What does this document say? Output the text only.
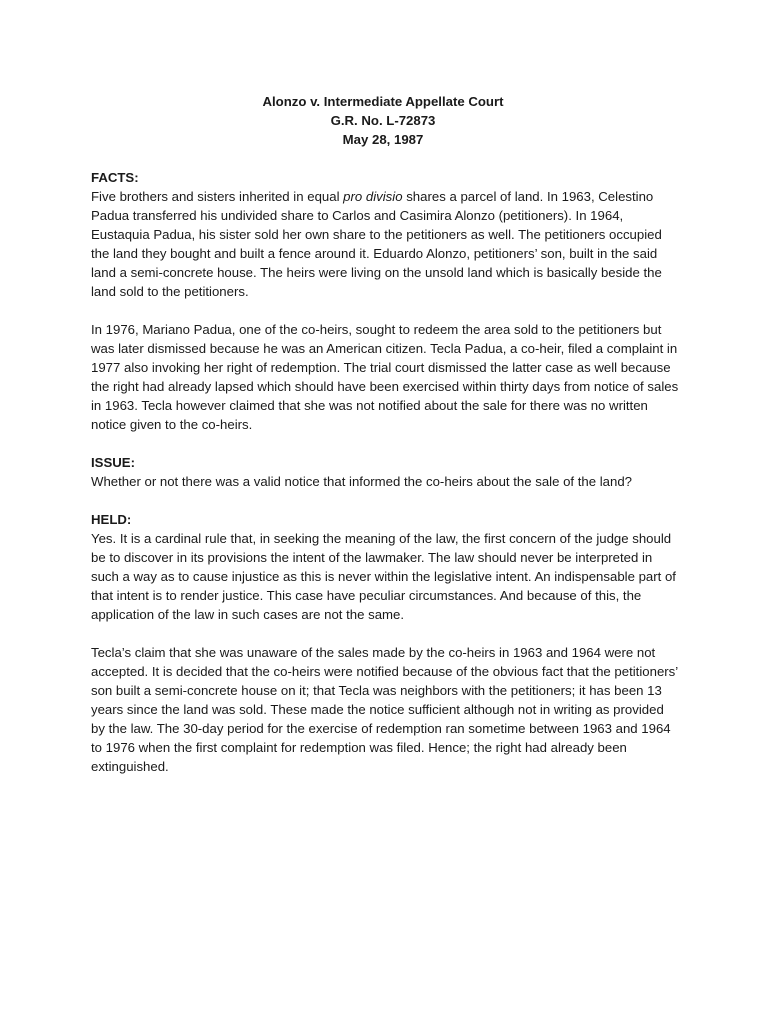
Alonzo v. Intermediate Appellate Court
G.R. No. L-72873
May 28, 1987
FACTS:

Five brothers and sisters inherited in equal pro divisio shares a parcel of land. In 1963, Celestino Padua transferred his undivided share to Carlos and Casimira Alonzo (petitioners). In 1964, Eustaquia Padua, his sister sold her own share to the petitioners as well. The petitioners occupied the land they bought and built a fence around it. Eduardo Alonzo, petitioners’ son, built in the said land a semi-concrete house. The heirs were living on the unsold land which is basically beside the land sold to the petitioners.

In 1976, Mariano Padua, one of the co-heirs, sought to redeem the area sold to the petitioners but was later dismissed because he was an American citizen. Tecla Padua, a co-heir, filed a complaint in 1977 also invoking her right of redemption. The trial court dismissed the latter case as well because the right had already lapsed which should have been exercised within thirty days from notice of sales in 1963. Tecla however claimed that she was not notified about the sale for there was no written notice given to the co-heirs.

ISSUE:

Whether or not there was a valid notice that informed the co-heirs about the sale of the land?

HELD:

Yes. It is a cardinal rule that, in seeking the meaning of the law, the first concern of the judge should be to discover in its provisions the intent of the lawmaker. The law should never be interpreted in such a way as to cause injustice as this is never within the legislative intent. An indispensable part of that intent is to render justice. This case have peculiar circumstances. And because of this, the application of the law in such cases are not the same.

Tecla’s claim that she was unaware of the sales made by the co-heirs in 1963 and 1964 were not accepted. It is decided that the co-heirs were notified because of the obvious fact that the petitioners’ son built a semi-concrete house on it; that Tecla was neighbors with the petitioners; it has been 13 years since the land was sold. These made the notice sufficient although not in writing as provided by the law. The 30-day period for the exercise of redemption ran sometime between 1963 and 1964 to 1976 when the first complaint for redemption was filed. Hence; the right had already been extinguished.
